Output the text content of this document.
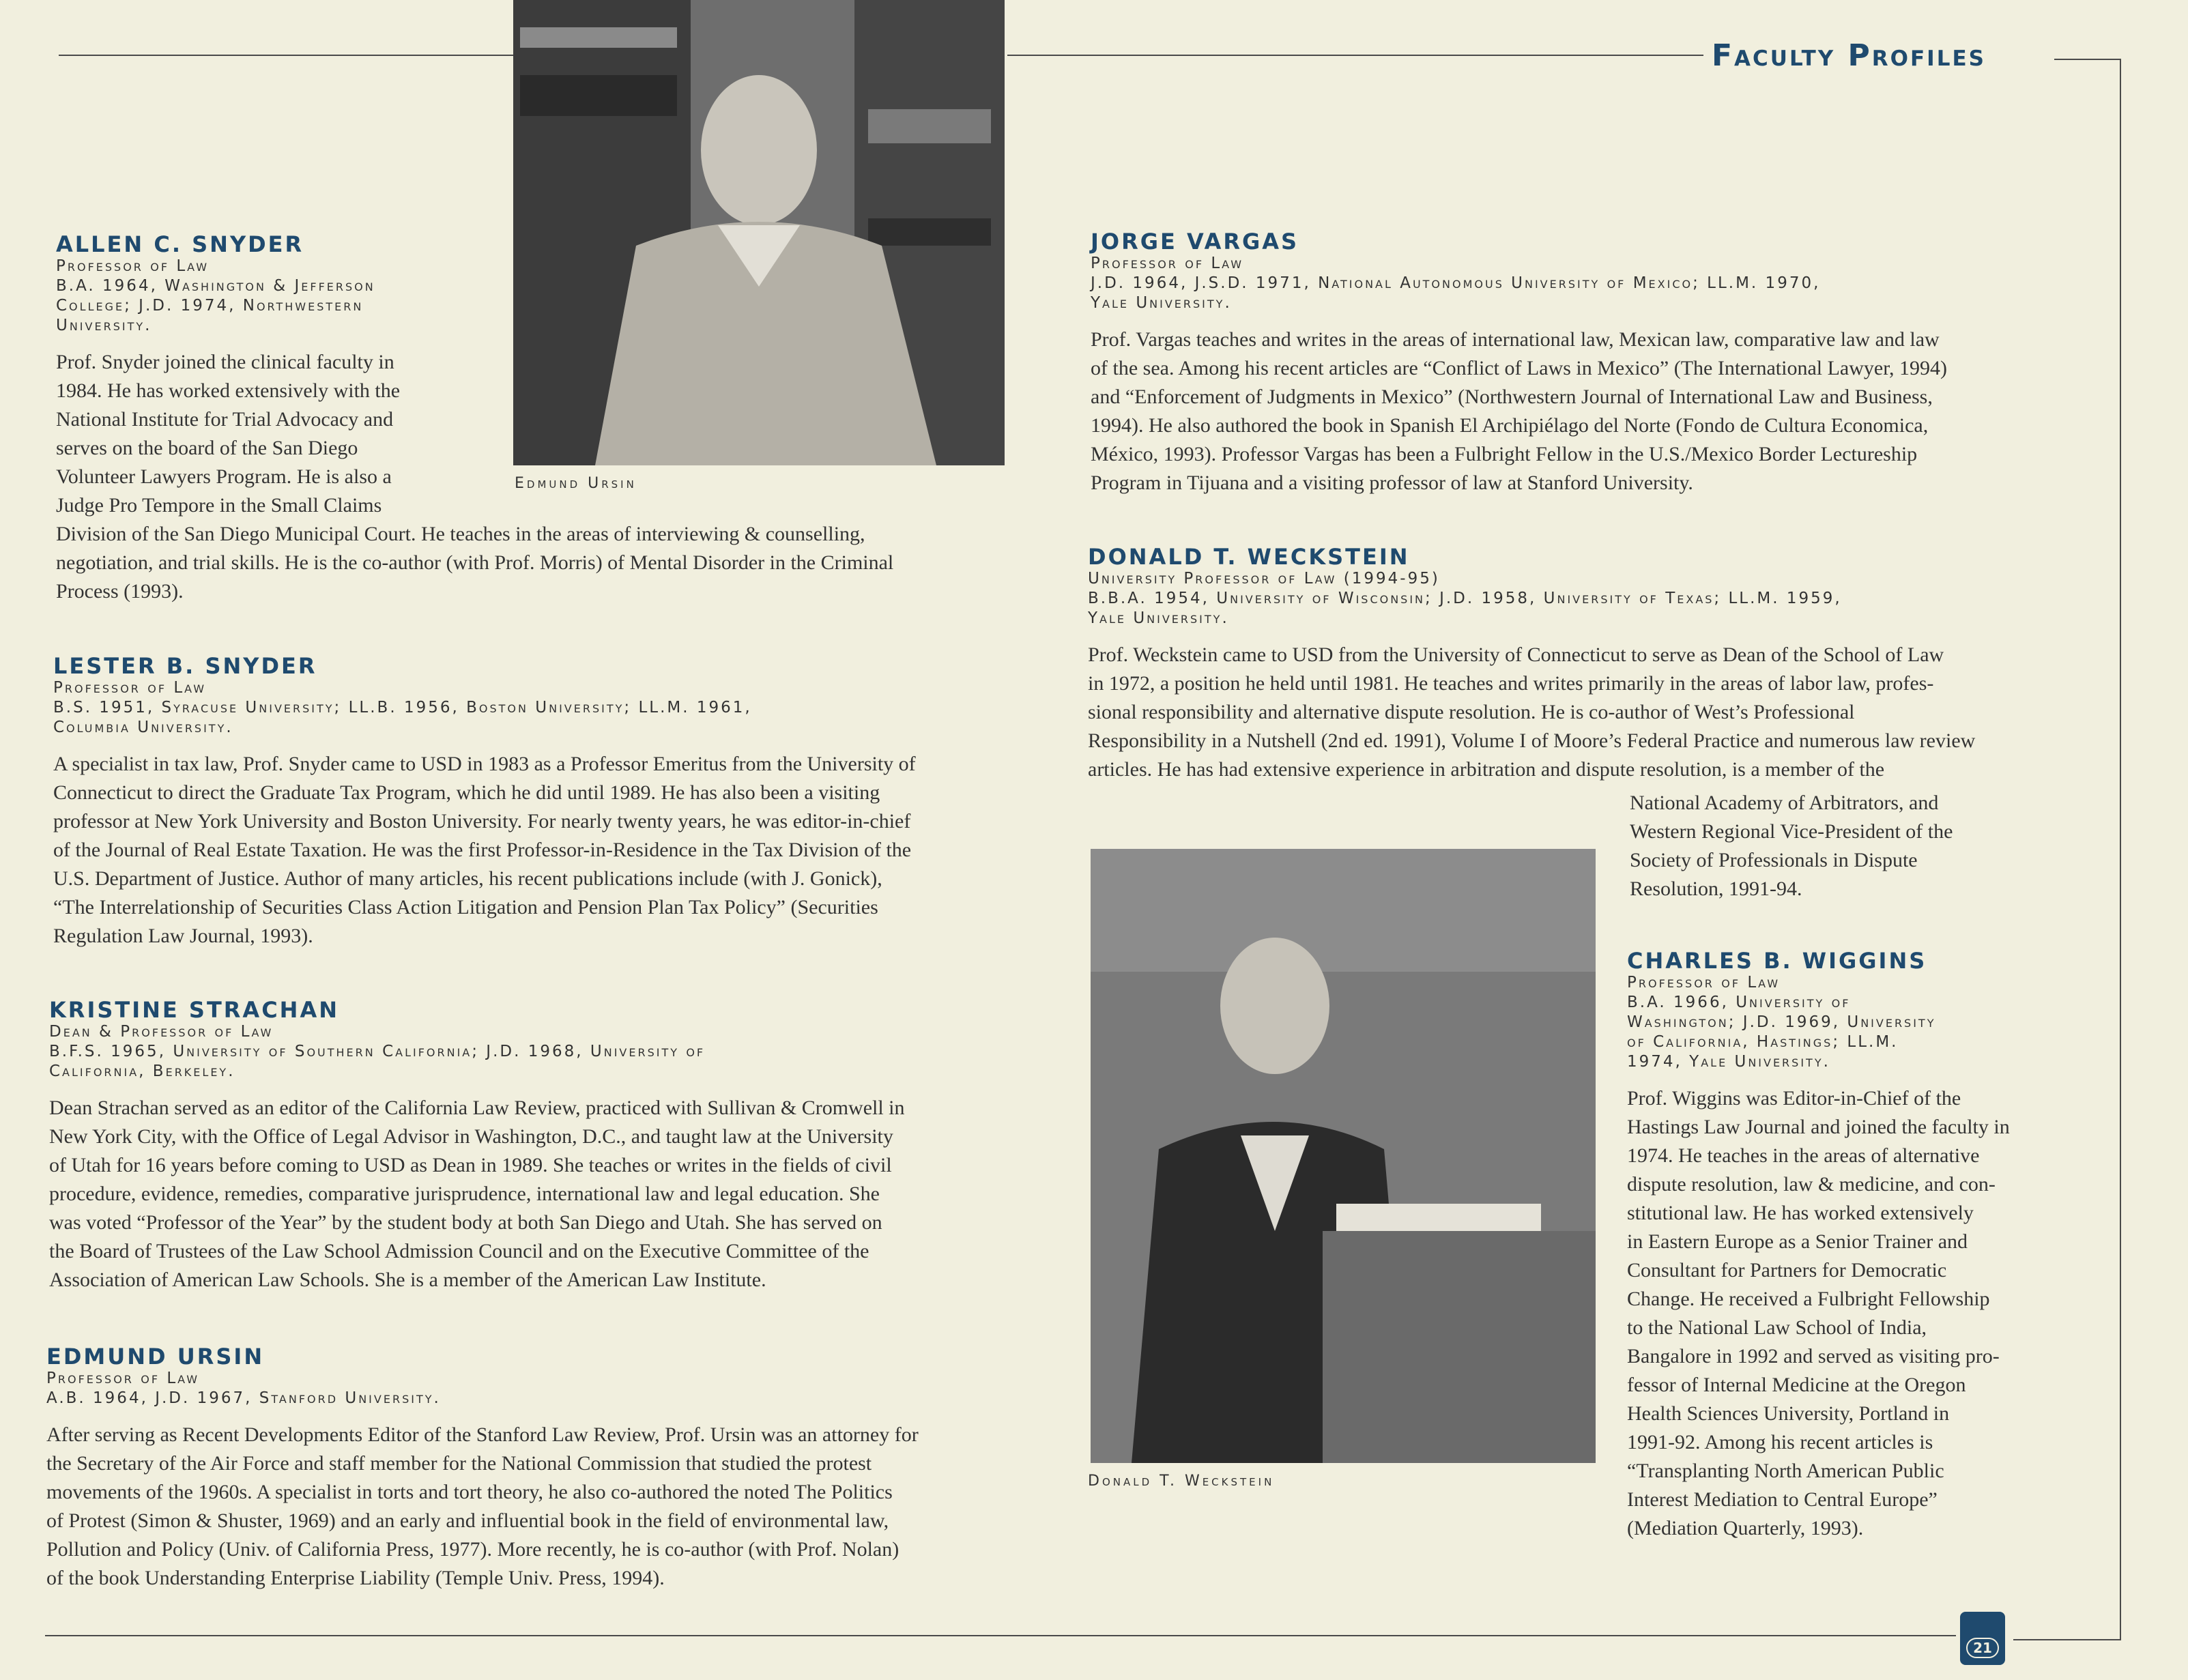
Faculty Profiles
Edmund Ursin
Donald T. Weckstein
ALLEN C. SNYDER
Professor of Law
B.A. 1964, Washington & Jefferson
College; J.D. 1974, Northwestern
University.
Prof. Snyder joined the clinical faculty in
1984. He has worked extensively with the
National Institute for Trial Advocacy and
serves on the board of the San Diego
Volunteer Lawyers Program. He is also a
Judge Pro Tempore in the Small Claims
Division of the San Diego Municipal Court. He teaches in the areas of interviewing & counselling,
negotiation, and trial skills. He is the co-author (with Prof. Morris) of Mental Disorder in the Criminal
Process (1993).
LESTER B. SNYDER
Professor of Law
B.S. 1951, Syracuse University; LL.B. 1956, Boston University; LL.M. 1961,
Columbia University.
A specialist in tax law, Prof. Snyder came to USD in 1983 as a Professor Emeritus from the University of
Connecticut to direct the Graduate Tax Program, which he did until 1989. He has also been a visiting
professor at New York University and Boston University. For nearly twenty years, he was editor-in-chief
of the Journal of Real Estate Taxation. He was the first Professor-in-Residence in the Tax Division of the
U.S. Department of Justice. Author of many articles, his recent publications include (with J. Gonick),
“The Interrelationship of Securities Class Action Litigation and Pension Plan Tax Policy” (Securities
Regulation Law Journal, 1993).
KRISTINE STRACHAN
Dean & Professor of Law
B.F.S. 1965, University of Southern California; J.D. 1968, University of
California, Berkeley.
Dean Strachan served as an editor of the California Law Review, practiced with Sullivan & Cromwell in
New York City, with the Office of Legal Advisor in Washington, D.C., and taught law at the University
of Utah for 16 years before coming to USD as Dean in 1989. She teaches or writes in the fields of civil
procedure, evidence, remedies, comparative jurisprudence, international law and legal education. She
was voted “Professor of the Year” by the student body at both San Diego and Utah. She has served on
the Board of Trustees of the Law School Admission Council and on the Executive Committee of the
Association of American Law Schools. She is a member of the American Law Institute.
EDMUND URSIN
Professor of Law
A.B. 1964, J.D. 1967, Stanford University.
After serving as Recent Developments Editor of the Stanford Law Review, Prof. Ursin was an attorney for
the Secretary of the Air Force and staff member for the National Commission that studied the protest
movements of the 1960s. A specialist in torts and tort theory, he also co-authored the noted The Politics
of Protest (Simon & Shuster, 1969) and an early and influential book in the field of environmental law,
Pollution and Policy (Univ. of California Press, 1977). More recently, he is co-author (with Prof. Nolan)
of the book Understanding Enterprise Liability (Temple Univ. Press, 1994).
JORGE VARGAS
Professor of Law
J.D. 1964, J.S.D. 1971, National Autonomous University of Mexico; LL.M. 1970,
Yale University.
Prof. Vargas teaches and writes in the areas of international law, Mexican law, comparative law and law
of the sea. Among his recent articles are “Conflict of Laws in Mexico” (The International Lawyer, 1994)
and “Enforcement of Judgments in Mexico” (Northwestern Journal of International Law and Business,
1994). He also authored the book in Spanish El Archipiélago del Norte (Fondo de Cultura Economica,
México, 1993). Professor Vargas has been a Fulbright Fellow in the U.S./Mexico Border Lectureship
Program in Tijuana and a visiting professor of law at Stanford University.
DONALD T. WECKSTEIN
University Professor of Law (1994-95)
B.B.A. 1954, University of Wisconsin; J.D. 1958, University of Texas; LL.M. 1959,
Yale University.
Prof. Weckstein came to USD from the University of Connecticut to serve as Dean of the School of Law
in 1972, a position he held until 1981. He teaches and writes primarily in the areas of labor law, profes-
sional responsibility and alternative dispute resolution. He is co-author of West’s Professional
Responsibility in a Nutshell (2nd ed. 1991), Volume I of Moore’s Federal Practice and numerous law review
articles. He has had extensive experience in arbitration and dispute resolution, is a member of the
National Academy of Arbitrators, and
Western Regional Vice-President of the
Society of Professionals in Dispute
Resolution, 1991-94.
CHARLES B. WIGGINS
Professor of Law
B.A. 1966, University of
Washington; J.D. 1969, University
of California, Hastings; LL.M.
1974, Yale University.
Prof. Wiggins was Editor-in-Chief of the
Hastings Law Journal and joined the faculty in
1974. He teaches in the areas of alternative
dispute resolution, law & medicine, and con-
stitutional law. He has worked extensively
in Eastern Europe as a Senior Trainer and
Consultant for Partners for Democratic
Change. He received a Fulbright Fellowship
to the National Law School of India,
Bangalore in 1992 and served as visiting pro-
fessor of Internal Medicine at the Oregon
Health Sciences University, Portland in
1991-92. Among his recent articles is
“Transplanting North American Public
Interest Mediation to Central Europe”
(Mediation Quarterly, 1993).
21
